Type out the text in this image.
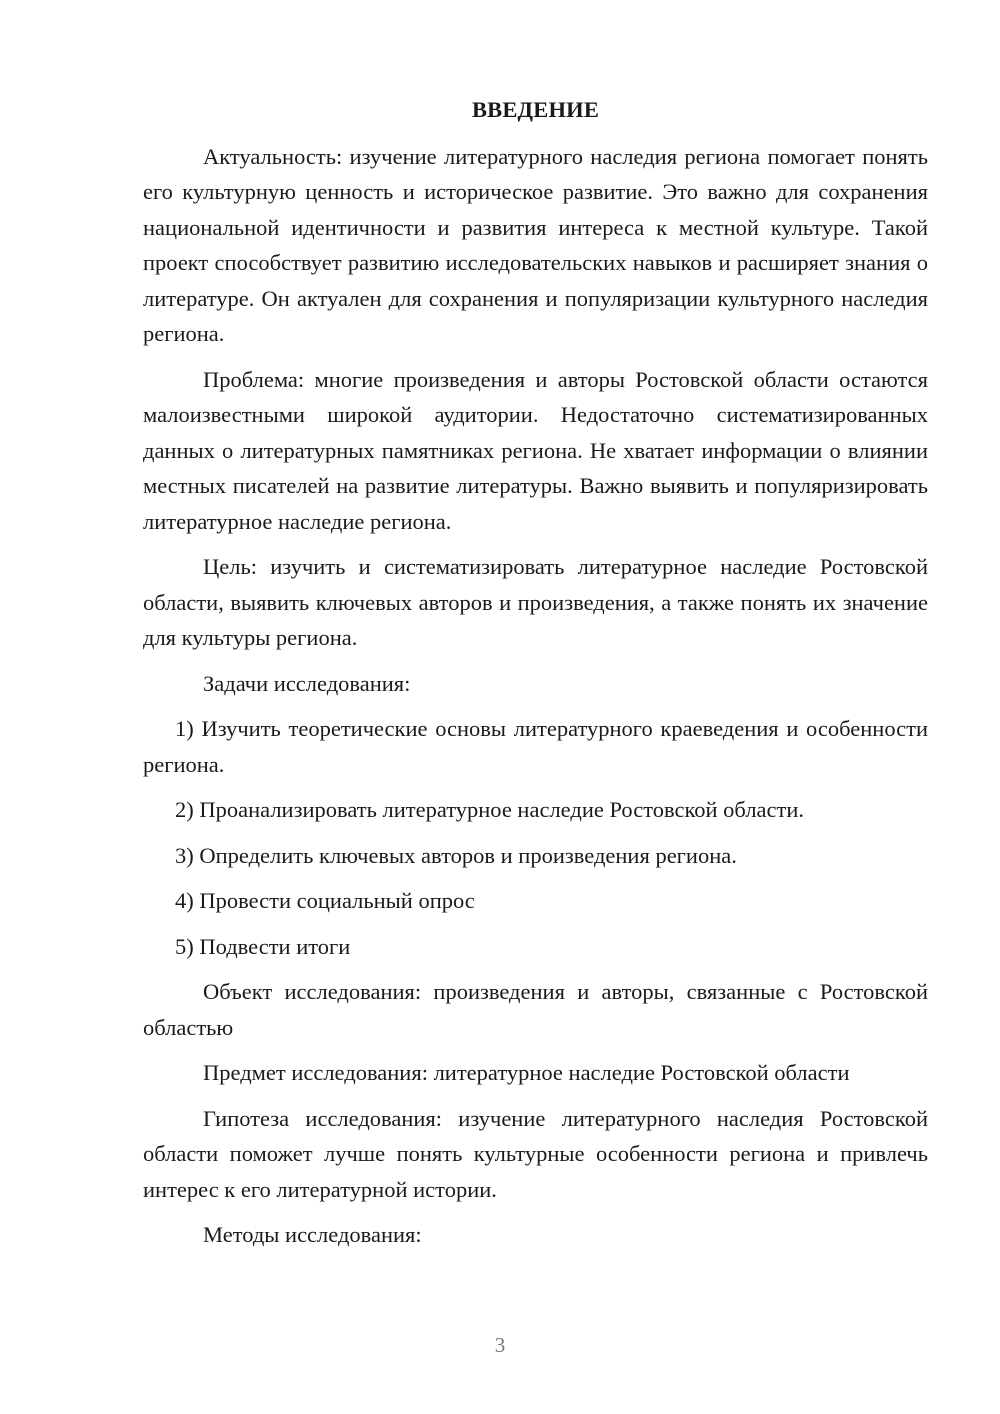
ВВЕДЕНИЕ

Актуальность: изучение литературного наследия региона помогает понять его культурную ценность и историческое развитие. Это важно для сохранения национальной идентичности и развития интереса к местной культуре. Такой проект способствует развитию исследовательских навыков и расширяет знания о литературе. Он актуален для сохранения и популяризации культурного наследия региона.

Проблема: многие произведения и авторы Ростовской области остаются малоизвестными широкой аудитории. Недостаточно систематизированных данных о литературных памятниках региона. Не хватает информации о влиянии местных писателей на развитие литературы. Важно выявить и популяризировать литературное наследие региона.

Цель: изучить и систематизировать литературное наследие Ростовской области, выявить ключевых авторов и произведения, а также понять их значение для культуры региона.

Задачи исследования:

1) Изучить теоретические основы литературного краеведения и особенности региона.

2) Проанализировать литературное наследие Ростовской области.

3) Определить ключевых авторов и произведения региона.

4) Провести социальный опрос

5) Подвести итоги

Объект исследования: произведения и авторы, связанные с Ростовской областью

Предмет исследования: литературное наследие Ростовской области

Гипотеза исследования: изучение литературного наследия Ростовской области поможет лучше понять культурные особенности региона и привлечь интерес к его литературной истории.

Методы исследования:

3
